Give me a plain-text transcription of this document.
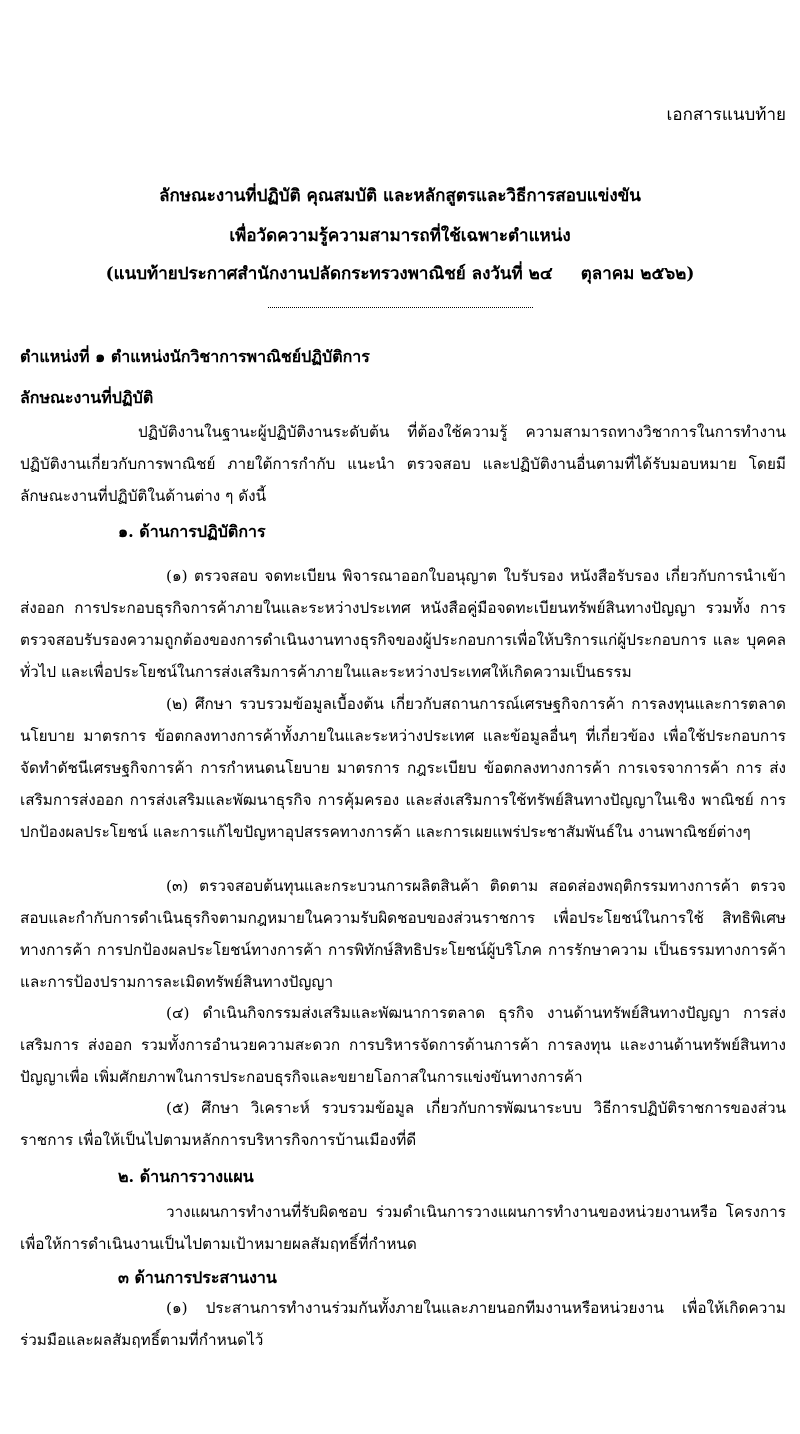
เอกสารแนบท้าย
ลักษณะงานที่ปฏิบัติ คุณสมบัติ และหลักสูตรและวิธีการสอบแข่งขัน
เพื่อวัดความรู้ความสามารถที่ใช้เฉพาะตำแหน่ง
(แนบท้ายประกาศสำนักงานปลัดกระทรวงพาณิชย์ ลงวันที่ ๒๔ ตุลาคม ๒๕๖๒)
ตำแหน่งที่ ๑ ตำแหน่งนักวิชาการพาณิชย์ปฏิบัติการ
ลักษณะงานที่ปฏิบัติ
ปฏิบัติงานในฐานะผู้ปฏิบัติงานระดับต้น ที่ต้องใช้ความรู้ ความสามารถทางวิชาการในการทำงาน ปฏิบัติงานเกี่ยวกับการพาณิชย์ ภายใต้การกำกับ แนะนำ ตรวจสอบ และปฏิบัติงานอื่นตามที่ได้รับมอบหมาย โดยมีลักษณะงานที่ปฏิบัติในด้านต่าง ๆ ดังนี้
๑. ด้านการปฏิบัติการ
(๑) ตรวจสอบ จดทะเบียน พิจารณาออกใบอนุญาต ใบรับรอง หนังสือรับรอง เกี่ยวกับการนำเข้า ส่งออก การประกอบธุรกิจการค้าภายในและระหว่างประเทศ หนังสือคู่มือจดทะเบียนทรัพย์สินทางปัญญา รวมทั้ง การตรวจสอบรับรองความถูกต้องของการดำเนินงานทางธุรกิจของผู้ประกอบการเพื่อให้บริการแก่ผู้ประกอบการ และ บุคคลทั่วไป และเพื่อประโยชน์ในการส่งเสริมการค้าภายในและระหว่างประเทศให้เกิดความเป็นธรรม
(๒) ศึกษา รวบรวมข้อมูลเบื้องต้น เกี่ยวกับสถานการณ์เศรษฐกิจการค้า การลงทุนและการตลาด นโยบาย มาตรการ ข้อตกลงทางการค้าทั้งภายในและระหว่างประเทศ และข้อมูลอื่นๆ ที่เกี่ยวข้อง เพื่อใช้ประกอบการ จัดทำดัชนีเศรษฐกิจการค้า การกำหนดนโยบาย มาตรการ กฎระเบียบ ข้อตกลงทางการค้า การเจรจาการค้า การ ส่งเสริมการส่งออก การส่งเสริมและพัฒนาธุรกิจ การคุ้มครอง และส่งเสริมการใช้ทรัพย์สินทางปัญญาในเชิง พาณิชย์ การปกป้องผลประโยชน์ และการแก้ไขปัญหาอุปสรรคทางการค้า และการเผยแพร่ประชาสัมพันธ์ใน งานพาณิชย์ต่างๆ
(๓) ตรวจสอบต้นทุนและกระบวนการผลิตสินค้า ติดตาม สอดส่องพฤติกรรมทางการค้า ตรวจสอบและกำกับการดำเนินธุรกิจตามกฎหมายในความรับผิดชอบของส่วนราชการ เพื่อประโยชน์ในการใช้ สิทธิพิเศษทางการค้า การปกป้องผลประโยชน์ทางการค้า การพิทักษ์สิทธิประโยชน์ผู้บริโภค การรักษาความ เป็นธรรมทางการค้า และการป้องปรามการละเมิดทรัพย์สินทางปัญญา
(๔) ดำเนินกิจกรรมส่งเสริมและพัฒนาการตลาด ธุรกิจ งานด้านทรัพย์สินทางปัญญา การส่งเสริมการ ส่งออก รวมทั้งการอำนวยความสะดวก การบริหารจัดการด้านการค้า การลงทุน และงานด้านทรัพย์สินทางปัญญาเพื่อ เพิ่มศักยภาพในการประกอบธุรกิจและขยายโอกาสในการแข่งขันทางการค้า
(๕) ศึกษา วิเคราะห์ รวบรวมข้อมูล เกี่ยวกับการพัฒนาระบบ วิธีการปฏิบัติราชการของส่วนราชการ เพื่อให้เป็นไปตามหลักการบริหารกิจการบ้านเมืองที่ดี
๒. ด้านการวางแผน
วางแผนการทำงานที่รับผิดชอบ ร่วมดำเนินการวางแผนการทำงานของหน่วยงานหรือ โครงการเพื่อให้การดำเนินงานเป็นไปตามเป้าหมายผลสัมฤทธิ์ที่กำหนด
๓ ด้านการประสานงาน
(๑) ประสานการทำงานร่วมกันทั้งภายในและภายนอกทีมงานหรือหน่วยงาน เพื่อให้เกิดความ ร่วมมือและผลสัมฤทธิ์ตามที่กำหนดไว้
